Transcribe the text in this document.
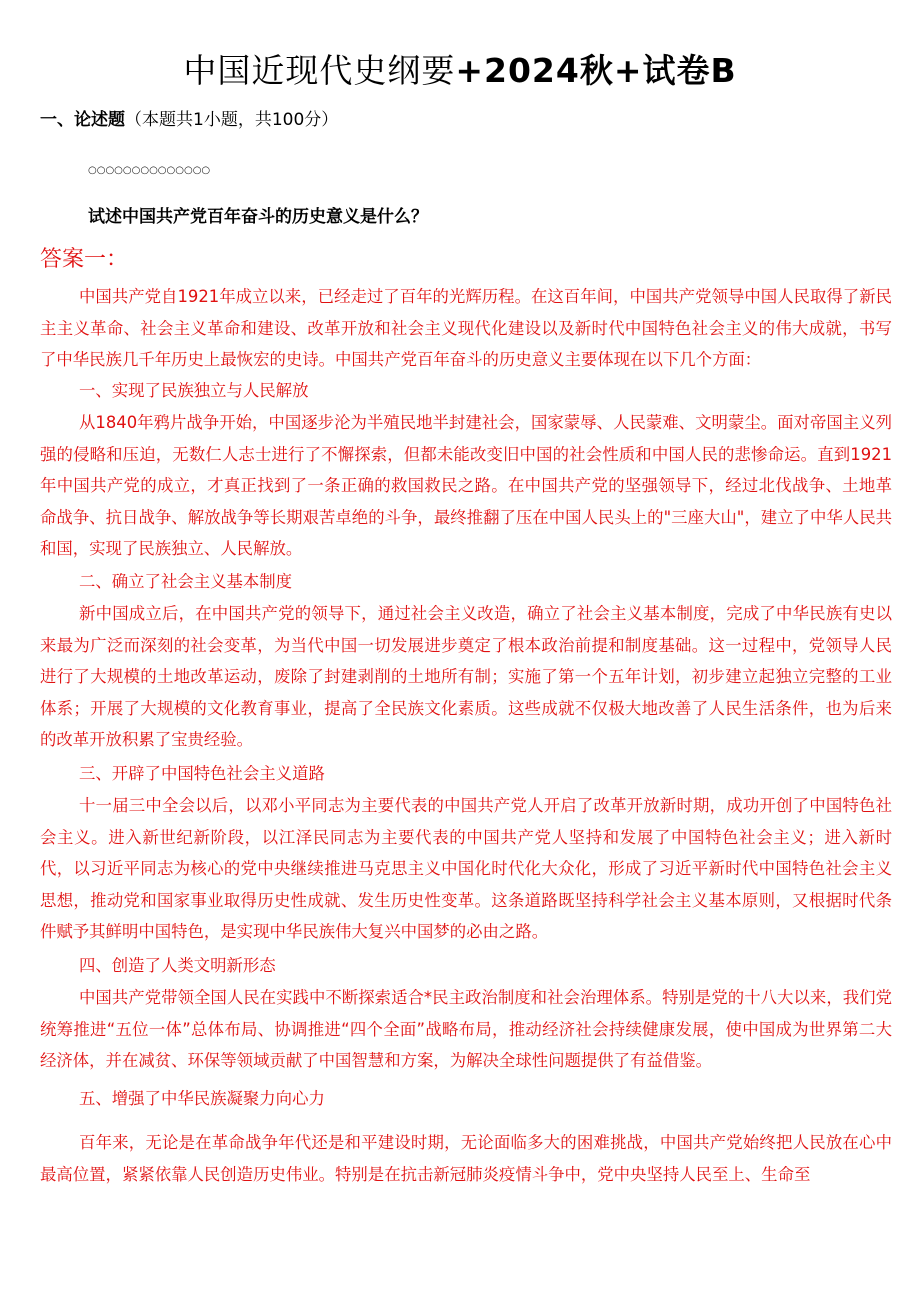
中国近现代史纲要+2024秋+试卷B
一、论述题（本题共1小题，共100分）
○○○○○○○○○○○○○○
试述中国共产党百年奋斗的历史意义是什么？
答案一：

中国共产党自1921年成立以来，已经走过了百年的光辉历程。在这百年间，中国共产党领导中国人民取得了新民主主义革命、社会主义革命和建设、改革开放和社会主义现代化建设以及新时代中国特色社会主义的伟大成就，书写了中华民族几千年历史上最恢宏的史诗。中国共产党百年奋斗的历史意义主要体现在以下几个方面：

一、实现了民族独立与人民解放

从1840年鸦片战争开始，中国逐步沦为半殖民地半封建社会，国家蒙辱、人民蒙难、文明蒙尘。面对帝国主义列强的侵略和压迫，无数仁人志士进行了不懈探索，但都未能改变旧中国的社会性质和中国人民的悲惨命运。直到1921年中国共产党的成立，才真正找到了一条正确的救国救民之路。在中国共产党的坚强领导下，经过北伐战争、土地革命战争、抗日战争、解放战争等长期艰苦卓绝的斗争，最终推翻了压在中国人民头上的"三座大山"，建立了中华人民共和国，实现了民族独立、人民解放。

二、确立了社会主义基本制度

新中国成立后，在中国共产党的领导下，通过社会主义改造，确立了社会主义基本制度，完成了中华民族有史以来最为广泛而深刻的社会变革，为当代中国一切发展进步奠定了根本政治前提和制度基础。这一过程中，党领导人民进行了大规模的土地改革运动，废除了封建剥削的土地所有制；实施了第一个五年计划，初步建立起独立完整的工业体系；开展了大规模的文化教育事业，提高了全民族文化素质。这些成就不仅极大地改善了人民生活条件，也为后来的改革开放积累了宝贵经验。

三、开辟了中国特色社会主义道路

十一届三中全会以后，以邓小平同志为主要代表的中国共产党人开启了改革开放新时期，成功开创了中国特色社会主义。进入新世纪新阶段，以江泽民同志为主要代表的中国共产党人坚持和发展了中国特色社会主义；进入新时代，以习近平同志为核心的党中央继续推进马克思主义中国化时代化大众化，形成了习近平新时代中国特色社会主义思想，推动党和国家事业取得历史性成就、发生历史性变革。这条道路既坚持科学社会主义基本原则，又根据时代条件赋予其鲜明中国特色，是实现中华民族伟大复兴中国梦的必由之路。

四、创造了人类文明新形态

中国共产党带领全国人民在实践中不断探索适合*民主政治制度和社会治理体系。特别是党的十八大以来，我们党统筹推进“五位一体”总体布局、协调推进“四个全面”战略布局，推动经济社会持续健康发展，使中国成为世界第二大经济体，并在减贫、环保等领域贡献了中国智慧和方案，为解决全球性问题提供了有益借鉴。

五、增强了中华民族凝聚力向心力

百年来，无论是在革命战争年代还是和平建设时期，无论面临多大的困难挑战，中国共产党始终把人民放在心中最高位置，紧紧依靠人民创造历史伟业。特别是在抗击新冠肺炎疫情斗争中，党中央坚持人民至上、生命至
